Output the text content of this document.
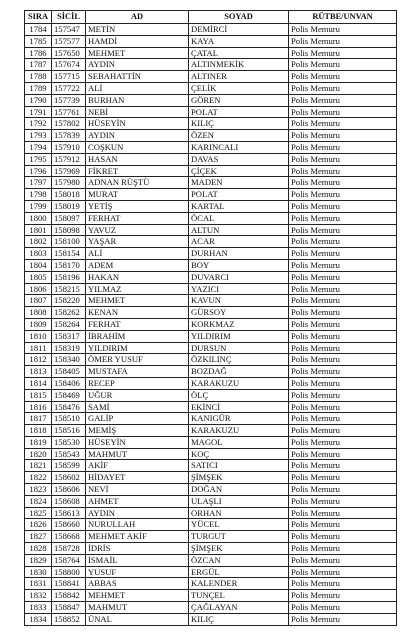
SIRA	SİCİL	AD	SOYAD	RÜTBE/UNVAN
1784	157547	METİN	DEMİRCİ	Polis Memuru
1785	157577	HAMDİ	KAYA	Polis Memuru
1786	157650	MEHMET	ÇATAL	Polis Memuru
1787	157674	AYDIN	ALTINMEKİK	Polis Memuru
1788	157715	SEBAHATTİN	ALTINER	Polis Memuru
1789	157722	ALİ	ÇELİK	Polis Memuru
1790	157739	BURHAN	GÖREN	Polis Memuru
1791	157761	NEBİ	POLAT	Polis Memuru
1792	157802	HÜSEYİN	KILIÇ	Polis Memuru
1793	157839	AYDIN	ÖZEN	Polis Memuru
1794	157910	COŞKUN	KARINCALI	Polis Memuru
1795	157912	HASAN	DAVAS	Polis Memuru
1796	157969	FİKRET	ÇİÇEK	Polis Memuru
1797	157980	ADNAN RÜŞTÜ	MADEN	Polis Memuru
1798	158018	MURAT	POLAT	Polis Memuru
1799	158019	YETİŞ	KARTAL	Polis Memuru
1800	158097	FERHAT	ÖCAL	Polis Memuru
1801	158098	YAVUZ	ALTUN	Polis Memuru
1802	158100	YAŞAR	ACAR	Polis Memuru
1803	158154	ALİ	DURHAN	Polis Memuru
1804	158170	ADEM	BOY	Polis Memuru
1805	158196	HAKAN	DUVARCI	Polis Memuru
1806	158215	YILMAZ	YAZICI	Polis Memuru
1807	158220	MEHMET	KAVUN	Polis Memuru
1808	158262	KENAN	GÜRSOY	Polis Memuru
1809	158264	FERHAT	KORKMAZ	Polis Memuru
1810	158317	İBRAHİM	YILDIRIM	Polis Memuru
1811	158319	YILDIRIM	DURSUN	Polis Memuru
1812	158340	ÖMER YUSUF	ÖZKILINÇ	Polis Memuru
1813	158405	MUSTAFA	BOZDAĞ	Polis Memuru
1814	158406	RECEP	KARAKUZU	Polis Memuru
1815	158469	UĞUR	ÖLÇ	Polis Memuru
1816	158476	SAMİ	EKİNCİ	Polis Memuru
1817	158510	GALİP	KANIGÜR	Polis Memuru
1818	158516	MEMİŞ	KARAKUZU	Polis Memuru
1819	158530	HÜSEYİN	MAGOL	Polis Memuru
1820	158543	MAHMUT	KOÇ	Polis Memuru
1821	158599	AKİF	SATICI	Polis Memuru
1822	158602	HİDAYET	ŞİMŞEK	Polis Memuru
1823	158606	NEVİ	DOĞAN	Polis Memuru
1824	158608	AHMET	ULAŞLI	Polis Memuru
1825	158613	AYDIN	ORHAN	Polis Memuru
1826	158660	NURULLAH	YÜCEL	Polis Memuru
1827	158668	MEHMET AKİF	TURGUT	Polis Memuru
1828	158728	İDRİS	ŞİMŞEK	Polis Memuru
1829	158764	İSMAİL	ÖZCAN	Polis Memuru
1830	158800	YUSUF	ERGÜL	Polis Memuru
1831	158841	ABBAS	KALENDER	Polis Memuru
1832	158842	MEHMET	TUNÇEL	Polis Memuru
1833	158847	MAHMUT	ÇAĞLAYAN	Polis Memuru
1834	158852	ÜNAL	KILIÇ	Polis Memuru
